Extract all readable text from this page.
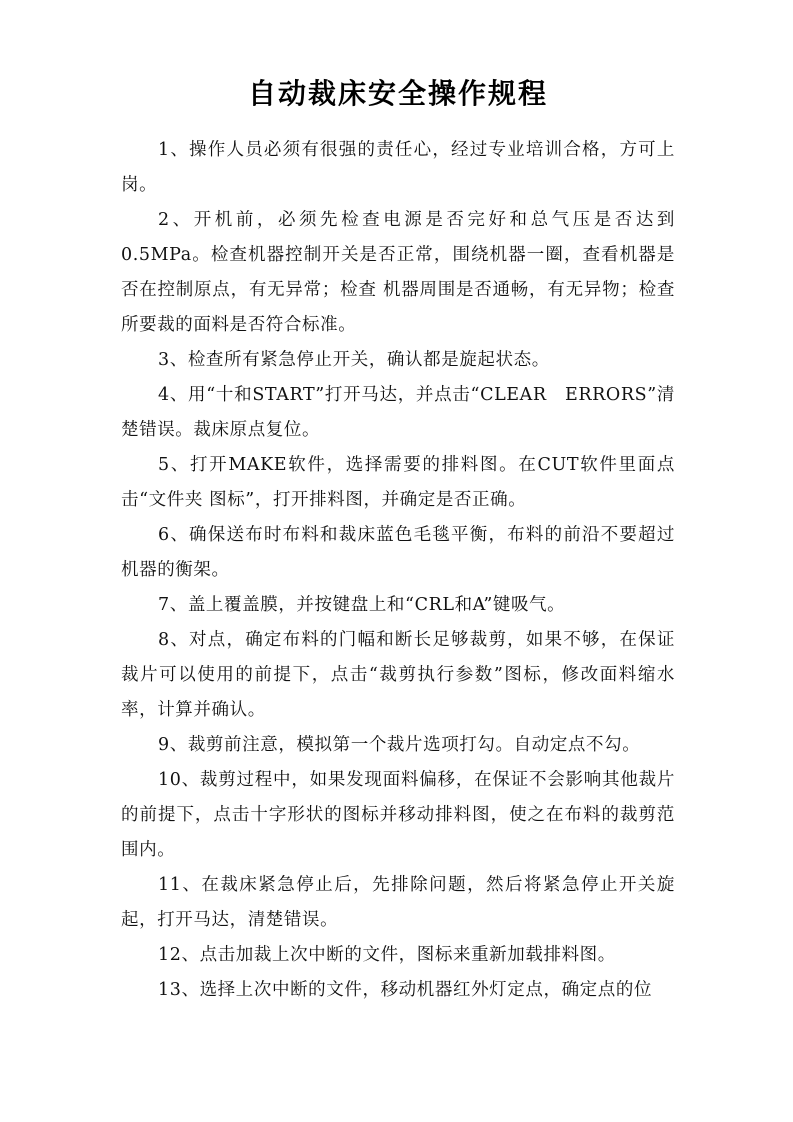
自动裁床安全操作规程

1、操作人员必须有很强的责任心，经过专业培训合格，方可上岗。

2、开机前，必须先检查电源是否完好和总气压是否达到0.5MPa。检查机器控制开关是否正常，围绕机器一圈，查看机器是否在控制原点，有无异常；检查 机器周围是否通畅，有无异物；检查所要裁的面料是否符合标准。

3、检查所有紧急停止开关，确认都是旋起状态。

4、用“十和START”打开马达，并点击“CLEAR　ERRORS”清楚错误。裁床原点复位。

5、打开MAKE软件，选择需要的排料图。在CUT软件里面点击“文件夹 图标”，打开排料图，并确定是否正确。

6、确保送布时布料和裁床蓝色毛毯平衡，布料的前沿不要超过机器的衡架。

7、盖上覆盖膜，并按键盘上和“CRL和A”键吸气。

8、对点，确定布料的门幅和断长足够裁剪，如果不够，在保证裁片可以使用的前提下，点击“裁剪执行参数”图标，修改面料缩水率，计算并确认。

9、裁剪前注意，模拟第一个裁片选项打勾。自动定点不勾。

10、裁剪过程中，如果发现面料偏移，在保证不会影响其他裁片的前提下，点击十字形状的图标并移动排料图，使之在布料的裁剪范围内。

11、在裁床紧急停止后，先排除问题，然后将紧急停止开关旋起，打开马达，清楚错误。

12、点击加裁上次中断的文件，图标来重新加载排料图。

13、选择上次中断的文件，移动机器红外灯定点，确定点的位
